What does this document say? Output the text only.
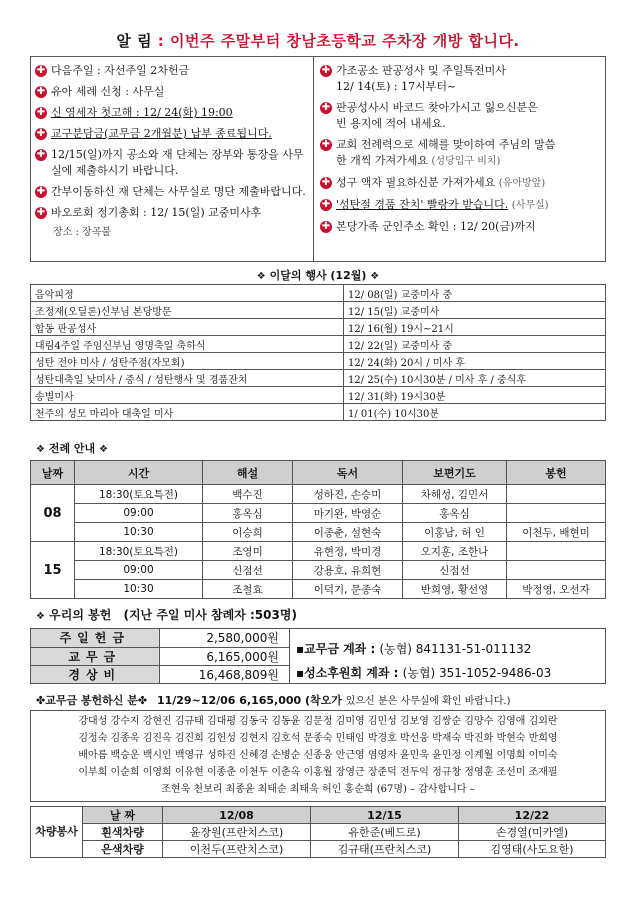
알 림 : 이번주 주말부터 창남초등학교 주차장 개방 합니다.
✚ 다음주일 : 자선주일 2차헌금
✚ 유아 세례 신청 : 사무실
✚ 신 영세자 첫고해 : 12/ 24(화) 19:00
✚ 교구분담금(교무금 2개월분) 납부 종료됩니다.
✚ 12/15(일)까지 공소와 재 단체는 장부와 통장을 사무실에 제출하시기 바랍니다.
✚ 간부이동하신 재 단체는 사무실로 명단 제출바랍니다.
✚ 바오로회 정기총회 : 12/ 15(일) 교중미사후
장소 : 장곡불
✚ 가조공소 판공성사 및 주일특전미사
12/ 14(토) : 17시부터~
✚ 판공성사시 바코드 찾아가시고 잃으신분은
빈 용지에 적어 내세요.
✚ 교회 전례력으로 세해를 맞이하여 주님의 말씀
한 개씩 가져가세요 (성당입구 비치)
✚ 성구 액자 필요하신분 가져가세요 (유아방앞)
✚ '성탄절 경품 잔치' 빨랑카 받습니다. (사무실)
✚ 본당가족 군인주소 확인 : 12/ 20(금)까지
❖ 이달의 행사 (12월) ❖
음악피정	12/ 08(일) 교중미사 중
조정재(오딜론)신부님 본당방문	12/ 15(일) 교중미사
합동 판공성사	12/ 16(월) 19시~21시
대림4주일 주임신부님 영명축일 축하식	12/ 22(일) 교중미사 중
성탄 전야 미사 / 성탄주점(자모회)	12/ 24(화) 20시 / 미사 후
성탄대축일 낮미사 / 중식 / 성탄행사 및 경품잔치	12/ 25(수) 10시30분 / 미사 후 / 중식후
송별미사	12/ 31(화) 19시30분
천주의 성모 마리아 대축일 미사	1/ 01(수) 10시30분
❖ 전례 안내 ❖
날짜	시간	해설	독서	보편기도	봉헌
08	18:30(토요특전)	백수진	성하진, 손승미	차해성, 김민서	
	09:00	홍옥심	마기완, 박영순	홍옥심	
	10:30	이승희	이종춘, 설현숙	이홍남, 허 인	이천두, 배현미
15	18:30(토요특전)	조영미	유현정, 박미경	오지훈, 조한나	
	09:00	신점선	강용호, 유희현	신점선	
	10:30	조철효	이덕기, 문종숙	반희영, 황선영	박정영, 오선자
❖ 우리의 봉헌 (지난 주일 미사 참례자 :503명)
주일헌금	2,580,000원
교무금	6,165,000원
경상비	16,468,809원
▪교무금 계좌 : (농협) 841131-51-011132
▪성소후원회 계좌 : (농협) 351-1052-9486-03
✤교무금 봉헌하신 분✤ 11/29~12/06 6,165,000 (착오가 있으신 분은 사무실에 확인 바랍니다.)
강대성 강수지 강현진 김규태 김대평 김동국 김동윤 김문정 김미영 김민성 김보영 김쌍순 김양수 김영애 김외란
김정숙 김종욱 김진옥 김진희 김헌성 김현지 김호석 문종숙 민태임 박경호 박선웅 박재숙 박진화 박현숙 반희영
배아름 백승운 백시인 백영규 성하진 신혜경 손병순 신종웅 안근영 염영자 윤민욱 윤민정 이계월 이명희 이미숙
이부희 이순희 이영희 이유현 이종춘 이천두 이춘옥 이홍월 장영근 장준덕 전두익 정규창 정영훈 조선미 조재필
조현욱 천보리 최종윤 최태순 최태욱 허인 홍순희 (67명) – 감사합니다 –
차량봉사	날 짜	12/08	12/15	12/22
	흰색차량	윤장원(프란치스코)	유한준(베드로)	손경열(미카엘)
	은색차량	이천두(프란치스코)	김규태(프란치스코)	김영태(사도요한)
